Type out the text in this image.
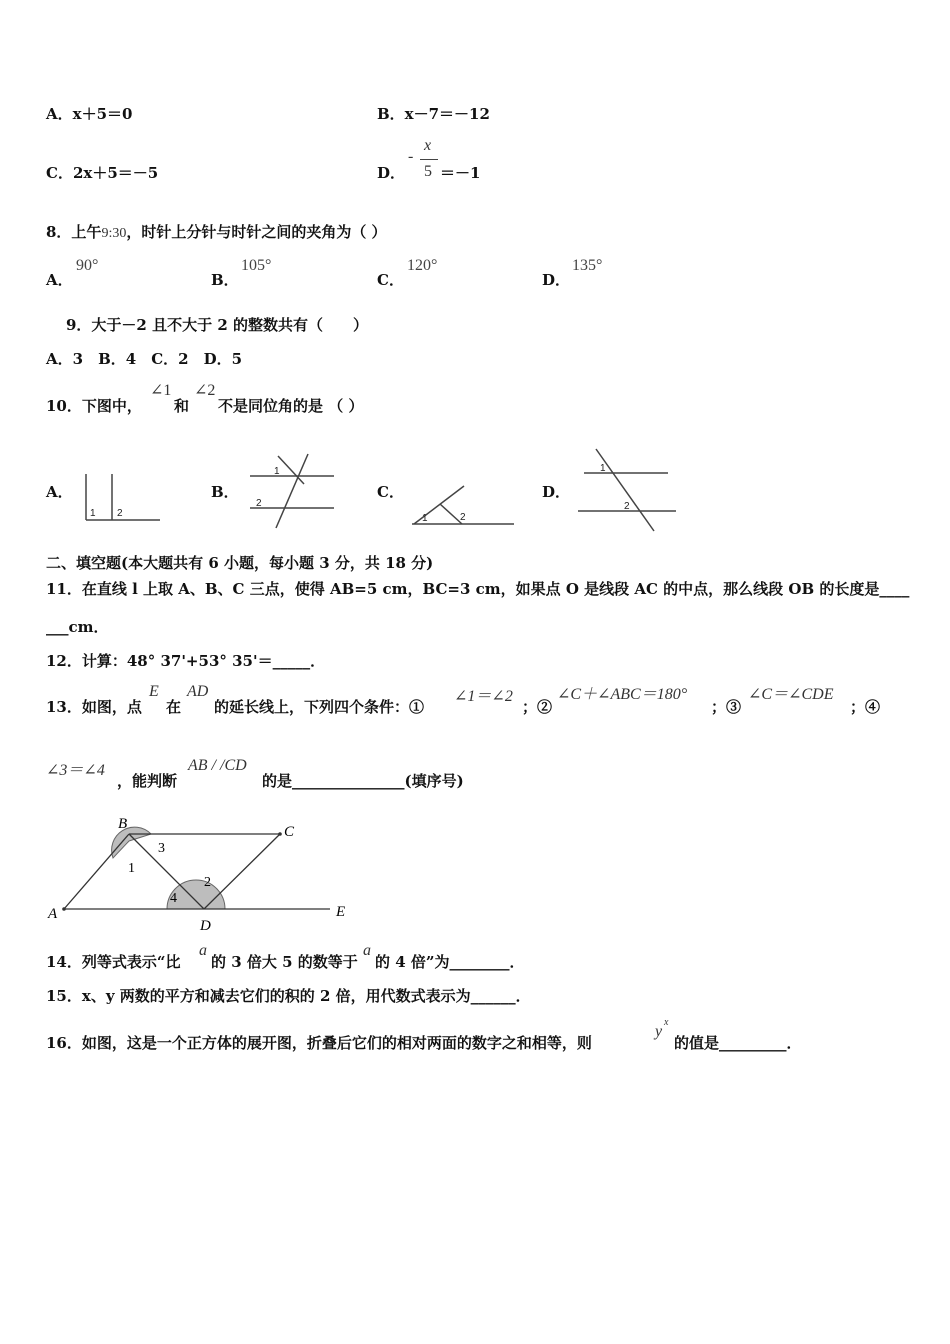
A．x＋5＝0	B．x－7＝－12
C．2x＋5＝－5	D．
-
x
5 ＝－1
8．上午9:30，时针上分针与时针之间的夹角为（ ）
A．
90°
B．
105°
C．
120°
D．
135°
9．大于－2 且不大于 2 的整数共有（　　）
A．3　B．4　C．2　D．5
10．下图中，
∠1
和
∠2
不是同位角的是 （ ）
A．
1 2
B．
1
2
C．
1	2
D．
1
2
二、填空题(本大题共有 6 小题，每小题 3 分，共 18 分)
11．在直线 l 上取 A、B、C 三点，使得 AB=5 cm，BC=3 cm，如果点 O 是线段 AC 的中点，那么线段 OB 的长度是____
___cm．
12．计算：48° 37'+53° 35'＝_____．
13．如图，点
E
在
AD
的延长线上，下列四个条件：①
∠1＝∠2
；②
∠C＋∠ABC＝180°
；③
∠C＝∠CDE
；④
∠3＝∠4
，能判断
AB / /CD
的是_______________(填序号)
B	C
A
D
E
1
2
3
4
14．列等式表示“比
a
的 3 倍大 5 的数等于
a
的 4 倍”为________．
15．x、y 两数的平方和减去它们的积的 2 倍，用代数式表示为______．
16．如图，这是一个正方体的展开图，折叠后它们的相对两面的数字之和相等，则
y
x
的值是_________．
